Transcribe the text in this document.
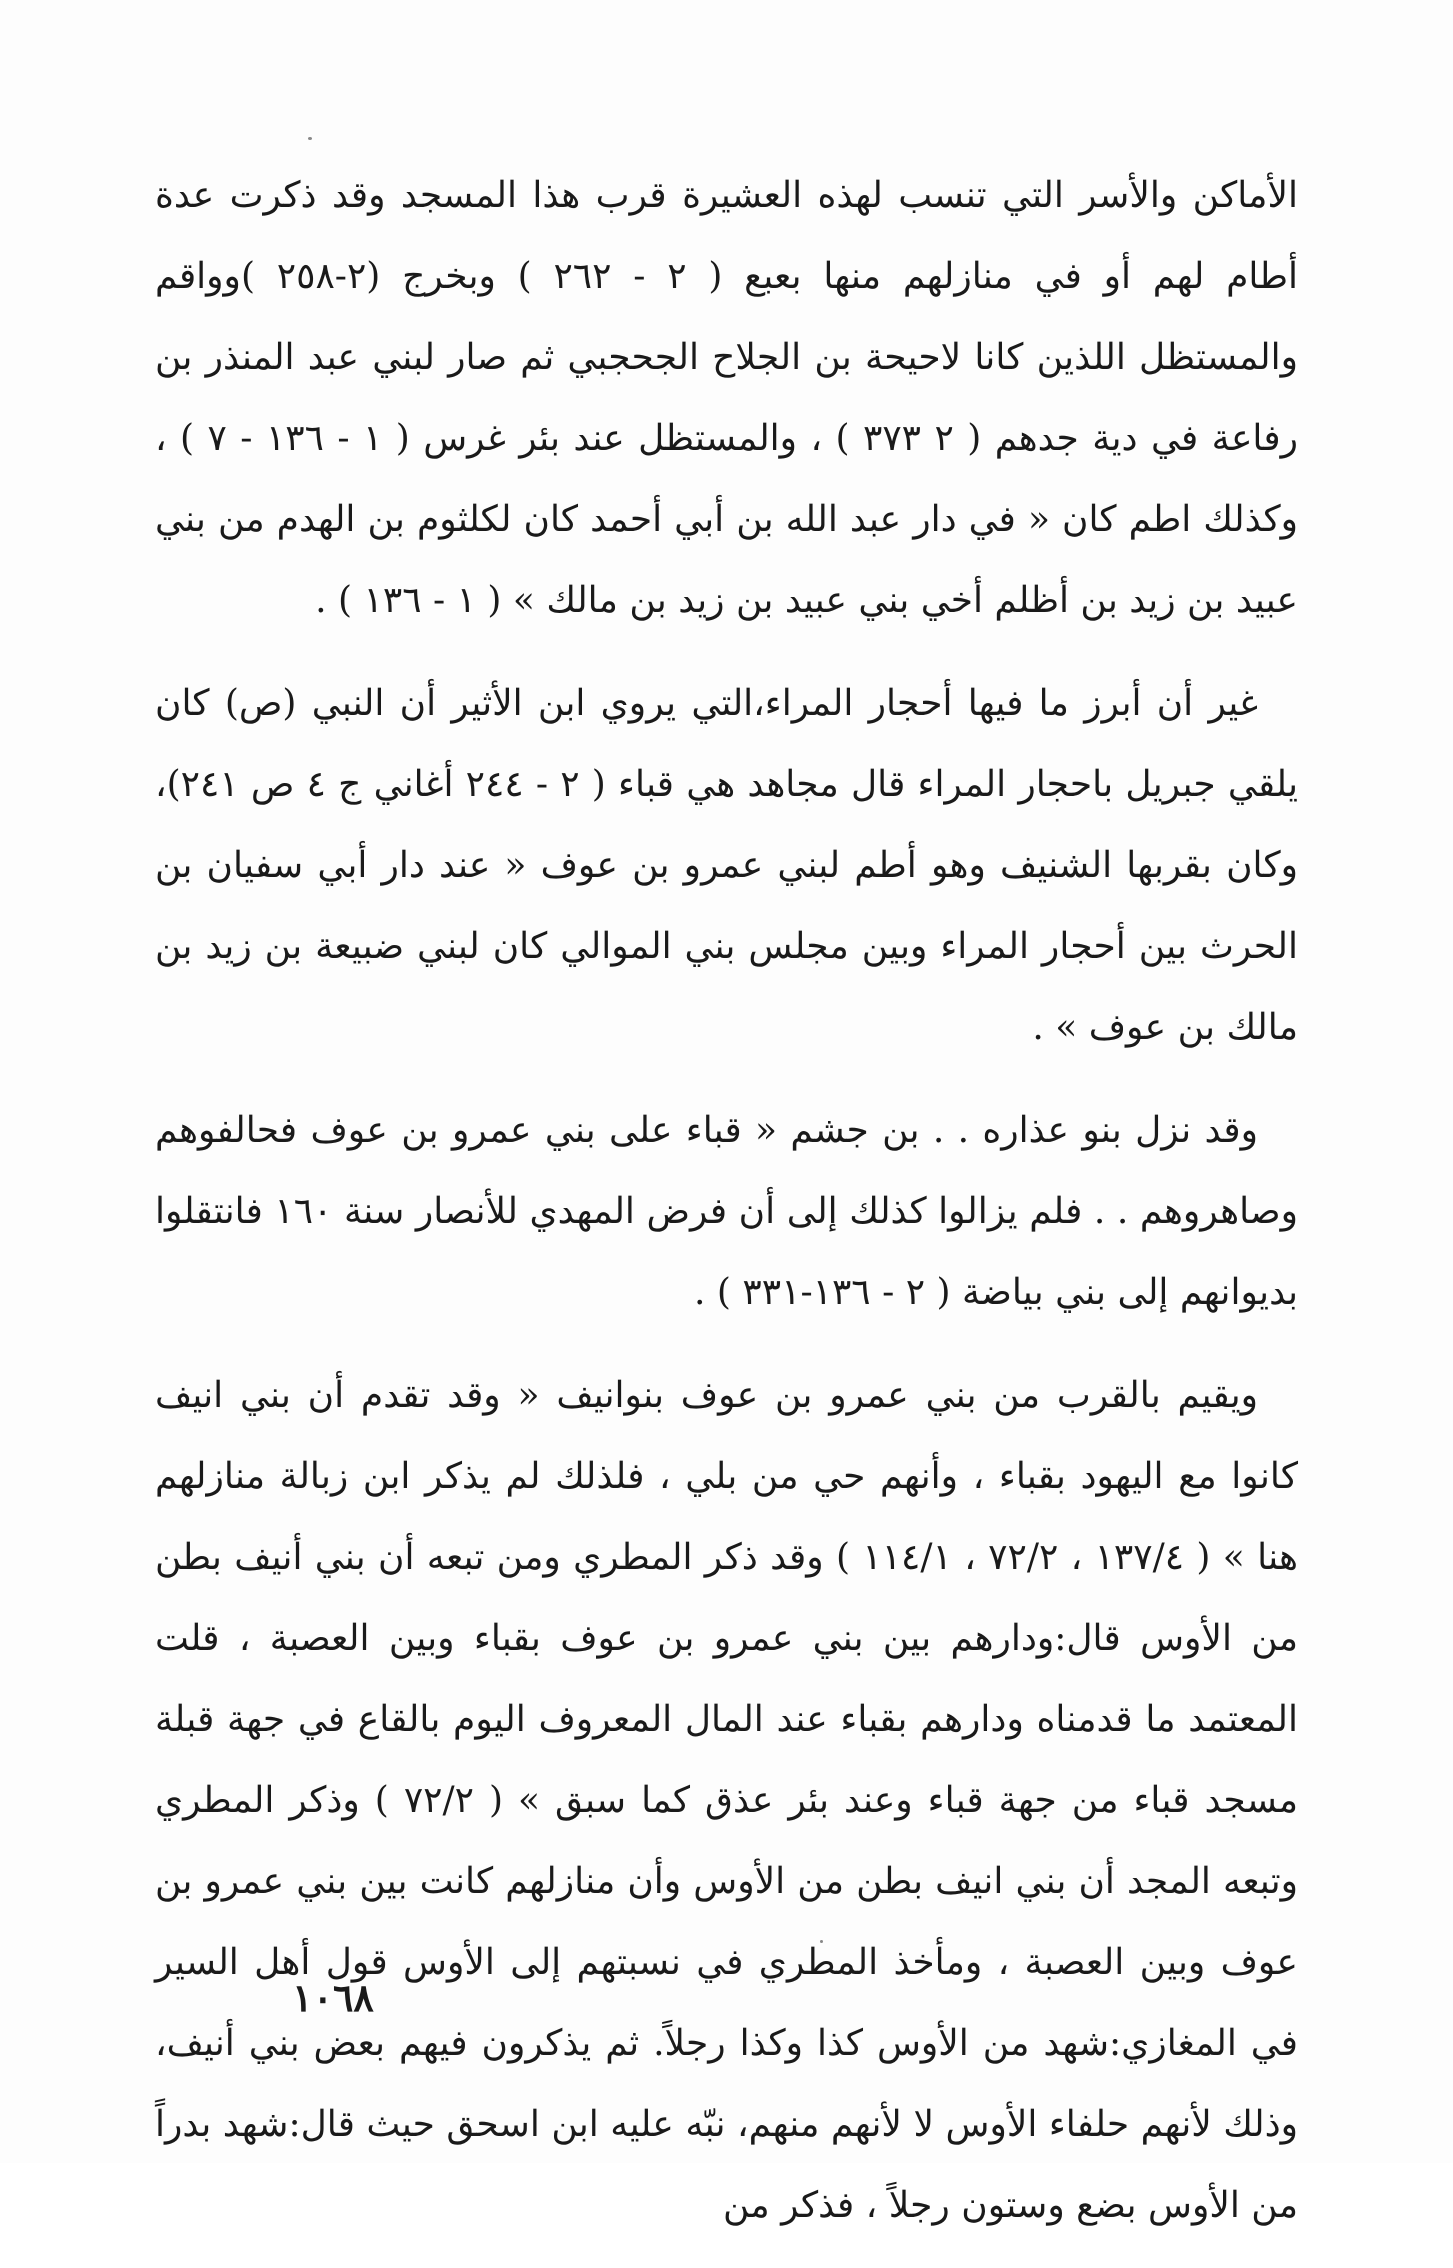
الأماكن والأسر التي تنسب لهذه العشيرة قرب هذا المسجد وقد ذكرت عدة أطام لهم أو في منازلهم منها بعبع ( ٢ - ٢٦٢ ) وبخرج (٢-٢٥٨ )وواقم والمستظل اللذين كانا لاحيحة بن الجلاح الجحجبي ثم صار لبني عبد المنذر بن رفاعة في دية جدهم ( ٢ ٣٧٣ ) ، والمستظل عند بئر غرس ( ١ - ١٣٦ - ٧ ) ، وكذلك اطم كان « في دار عبد الله بن أبي أحمد كان لكلثوم بن الهدم من بني عبيد بن زيد بن أظلم أخي بني عبيد بن زيد بن مالك » ( ١ - ١٣٦ ) .

غير أن أبرز ما فيها أحجار المراء،التي يروي ابن الأثير أن النبي (ص) كان يلقي جبريل باحجار المراء قال مجاهد هي قباء ( ٢ - ٢٤٤ أغاني ج ٤ ص ٢٤١)، وكان بقربها الشنيف وهو أطم لبني عمرو بن عوف « عند دار أبي سفيان بن الحرث بين أحجار المراء وبين مجلس بني الموالي كان لبني ضبيعة بن زيد بن مالك بن عوف » .

وقد نزل بنو عذاره . . بن جشم « قباء على بني عمرو بن عوف فحالفوهم وصاهروهم . . فلم يزالوا كذلك إلى أن فرض المهدي للأنصار سنة ١٦٠ فانتقلوا بديوانهم إلى بني بياضة ( ٢ - ١٣٦-٣٣١ ) .

ويقيم بالقرب من بني عمرو بن عوف بنوانيف « وقد تقدم أن بني انيف كانوا مع اليهود بقباء ، وأنهم حي من بلي ، فلذلك لم يذكر ابن زبالة منازلهم هنا » ( ١٣٧/٤ ، ٧٢/٢ ، ١١٤/١ ) وقد ذكر المطري ومن تبعه أن بني أنيف بطن من الأوس قال:ودارهم بين بني عمرو بن عوف بقباء وبين العصبة ، قلت المعتمد ما قدمناه ودارهم بقباء عند المال المعروف اليوم بالقاع في جهة قبلة مسجد قباء من جهة قباء وعند بئر عذق كما سبق » ( ٧٢/٢ ) وذكر المطري وتبعه المجد أن بني انيف بطن من الأوس وأن منازلهم كانت بين بني عمرو بن عوف وبين العصبة ، ومأخذ المطري في نسبتهم إلى الأوس قول أهل السير في المغازي:شهد من الأوس كذا وكذا رجلاً. ثم يذكرون فيهم بعض بني أنيف، وذلك لأنهم حلفاء الأوس لا لأنهم منهم، نبّه عليه ابن اسحق حيث قال:شهد بدراً من الأوس بضع وستون رجلاً ، فذكر من

١٠٦٨
